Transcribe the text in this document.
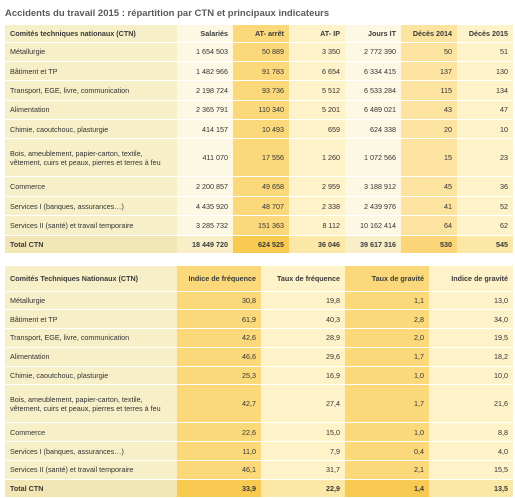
Accidents du travail 2015 : répartition par CTN et principaux indicateurs
Comités techniques nationaux (CTN)	Salariés	AT- arrêt	AT- IP	Jours IT	Décès 2014	Décès 2015
Métallurgie	1 654 503	50 889	3 350	2 772 390	50	51
Bâtiment et TP	1 482 966	91 783	6 654	6 334 415	137	130
Transport, EGE, livre, communication	2 198 724	93 736	5 512	6 533 284	115	134
Alimentation	2 365 791	110 340	5 201	6 489 021	43	47
Chimie, caoutchouc, plasturgie	414 157	10 493	659	624 338	20	10
Bois, ameublement, papier-carton, textile, vêtement, cuirs et peaux, pierres et terres à feu	411 070	17 556	1 260	1 072 566	15	23
Commerce	2 200 857	49 658	2 959	3 188 912	45	36
Services I (banques, assurances…)	4 435 920	48 707	2 338	2 439 976	41	52
Services II (santé) et travail temporaire	3 285 732	151 363	8 112	10 162 414	64	62
Total CTN	18 449 720	624 525	36 046	39 617 316	530	545
Comités Techniques Nationaux (CTN)	Indice de fréquence	Taux de fréquence	Taux de gravité	Indice de gravité
Métallurgie	30,8	19,8	1,1	13,0
Bâtiment et TP	61,9	40,3	2,8	34,0
Transport, EGE, livre, communication	42,6	28,9	2,0	19,5
Alimentation	46,6	29,6	1,7	18,2
Chimie, caoutchouc, plasturgie	25,3	16,9	1,0	10,0
Bois, ameublement, papier-carton, textile, vêtement, cuirs et peaux, pierres et terres à feu	42,7	27,4	1,7	21,6
Commerce	22,6	15,0	1,0	8,8
Services I (banques, assurances…)	11,0	7,9	0,4	4,0
Services II (santé) et travail temporaire	46,1	31,7	2,1	15,5
Total CTN	33,9	22,9	1,4	13,5
